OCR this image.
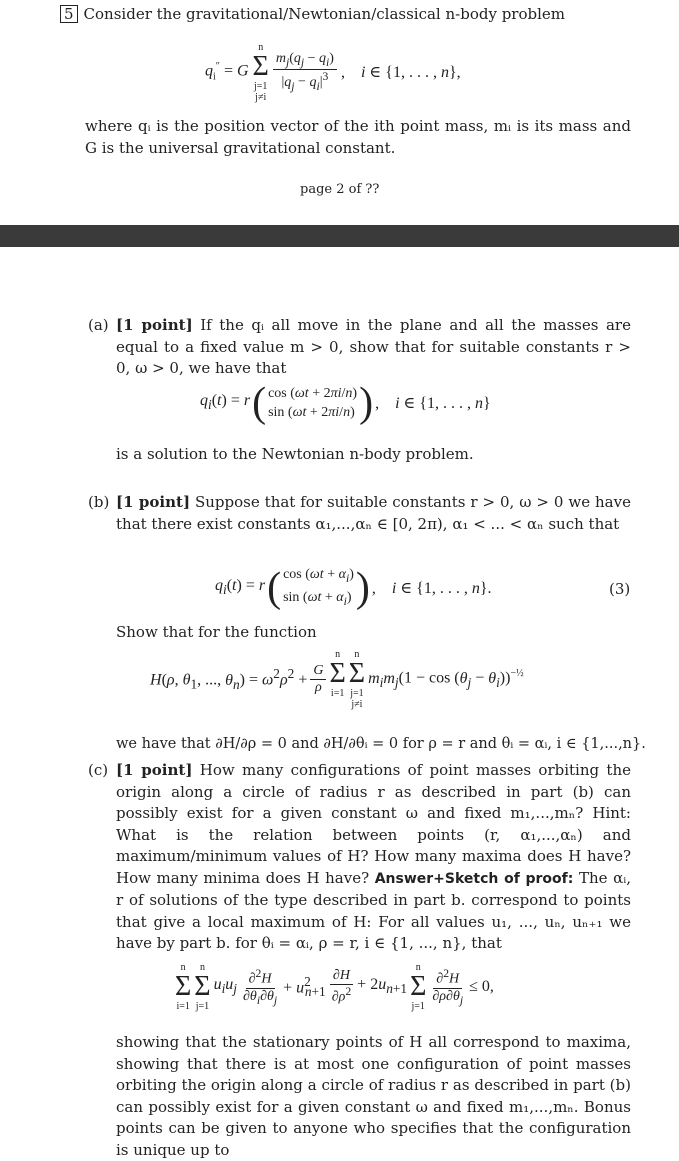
5 Consider the gravitational/Newtonian/classical n-body problem
$q_i'' = G$
n
Σ
j=1
j≠i
$\frac{m_j(q_j - q_i)}{|q_j - q_i|^3}$ ,    i ∈ {1, . . . , n},
where qᵢ is the position vector of the ith point mass, mᵢ is its mass and G is the universal gravitational constant.
page 2 of ??
(a) [1 point] If the qᵢ all move in the plane and all the masses are equal to a fixed value m > 0, show that for suitable constants r > 0, ω > 0, we have that
$q_i(t) = r$ ( cos (ωt + 2πi/n)
sin (ωt + 2πi/n) ) ,    i ∈ {1, . . . , n}
is a solution to the Newtonian n-body problem.
(b) [1 point] Suppose that for suitable constants r > 0, ω > 0 we have that there exist constants α₁,...,αₙ ∈ [0, 2π), α₁ < ... < αₙ such that
$q_i(t) = r$ ( $\cos (\omega t + \alpha_i)$
$\sin (\omega t + \alpha_i)$ ) ,    i ∈ {1, . . . , n}.	(3)
Show that for the function
H(ρ, $\theta_1$, ..., $\theta_n) = \omega^2\rho^2 + \frac{G}{\rho}$
n
Σ
i=1

n
Σ
j=1
j≠i
$m_im_j(1 - \cos (\theta_j - \theta_i))^{-\frac{1}{2}}$
we have that ∂H/∂ρ = 0 and ∂H/∂θᵢ = 0 for ρ = r and θᵢ = αᵢ, i ∈ {1,...,n}.
(c) [1 point] How many configurations of point masses orbiting the origin along a circle of radius r as described in part (b) can possibly exist for a given constant ω and fixed m₁,...,mₙ? Hint: What is the relation between points (r, α₁,...,αₙ) and maximum/minimum values of H? How many maxima does H have? How many minima does H have? Answer+Sketch of proof: The αᵢ, r of solutions of the type described in part b. correspond to points that give a local maximum of H: For all values u₁, ..., uₙ, uₙ₊₁ we have by part b. for θᵢ = αᵢ, ρ = r, i ∈ {1, ..., n}, that
n
Σ
i=1
n
Σ
j=1
$u_iu_j \frac{\partial^2H}{\partial\theta_i\partial\theta_j} + u^2_{n+1} \frac{\partial H}{\partial\rho^2} + 2u_{n+1}$
n
Σ
$j=1 \frac{\partial^2H}{\partial\rho\partial\theta_j} \le 0$,
showing that the stationary points of H all correspond to maxima, showing that there is at most one configuration of point masses orbiting the origin along a circle of radius r as described in part (b) can possibly exist for a given constant ω and fixed m₁,...,mₙ. Bonus points can be given to anyone who specifies that the configuration is unique up to
